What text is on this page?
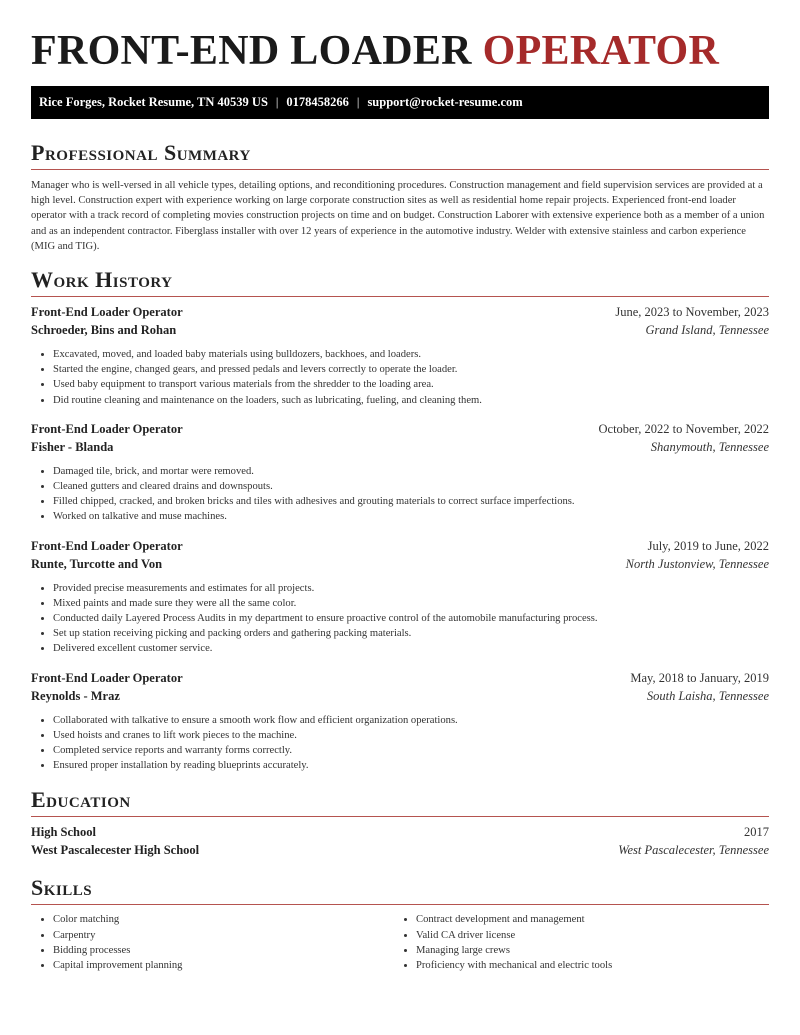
FRONT-END LOADER OPERATOR
Rice Forges, Rocket Resume, TN 40539 US | 0178458266 | support@rocket-resume.com
Professional Summary
Manager who is well-versed in all vehicle types, detailing options, and reconditioning procedures. Construction management and field supervision services are provided at a high level. Construction expert with experience working on large corporate construction sites as well as residential home repair projects. Experienced front-end loader operator with a track record of completing movies construction projects on time and on budget. Construction Laborer with extensive experience both as a member of a union and as an independent contractor. Fiberglass installer with over 12 years of experience in the automotive industry. Welder with extensive stainless and carbon experience (MIG and TIG).
Work History
Front-End Loader Operator	June, 2023 to November, 2023
Schroeder, Bins and Rohan	Grand Island, Tennessee
• Excavated, moved, and loaded baby materials using bulldozers, backhoes, and loaders.
• Started the engine, changed gears, and pressed pedals and levers correctly to operate the loader.
• Used baby equipment to transport various materials from the shredder to the loading area.
• Did routine cleaning and maintenance on the loaders, such as lubricating, fueling, and cleaning them.
Front-End Loader Operator	October, 2022 to November, 2022
Fisher - Blanda	Shanymouth, Tennessee
• Damaged tile, brick, and mortar were removed.
• Cleaned gutters and cleared drains and downspouts.
• Filled chipped, cracked, and broken bricks and tiles with adhesives and grouting materials to correct surface imperfections.
• Worked on talkative and muse machines.
Front-End Loader Operator	July, 2019 to June, 2022
Runte, Turcotte and Von	North Justonview, Tennessee
• Provided precise measurements and estimates for all projects.
• Mixed paints and made sure they were all the same color.
• Conducted daily Layered Process Audits in my department to ensure proactive control of the automobile manufacturing process.
• Set up station receiving picking and packing orders and gathering packing materials.
• Delivered excellent customer service.
Front-End Loader Operator	May, 2018 to January, 2019
Reynolds - Mraz	South Laisha, Tennessee
• Collaborated with talkative to ensure a smooth work flow and efficient organization operations.
• Used hoists and cranes to lift work pieces to the machine.
• Completed service reports and warranty forms correctly.
• Ensured proper installation by reading blueprints accurately.
Education
High School	2017
West Pascalecester High School	West Pascalecester, Tennessee
Skills
• Color matching
• Carpentry
• Bidding processes
• Capital improvement planning
• Contract development and management
• Valid CA driver license
• Managing large crews
• Proficiency with mechanical and electric tools
